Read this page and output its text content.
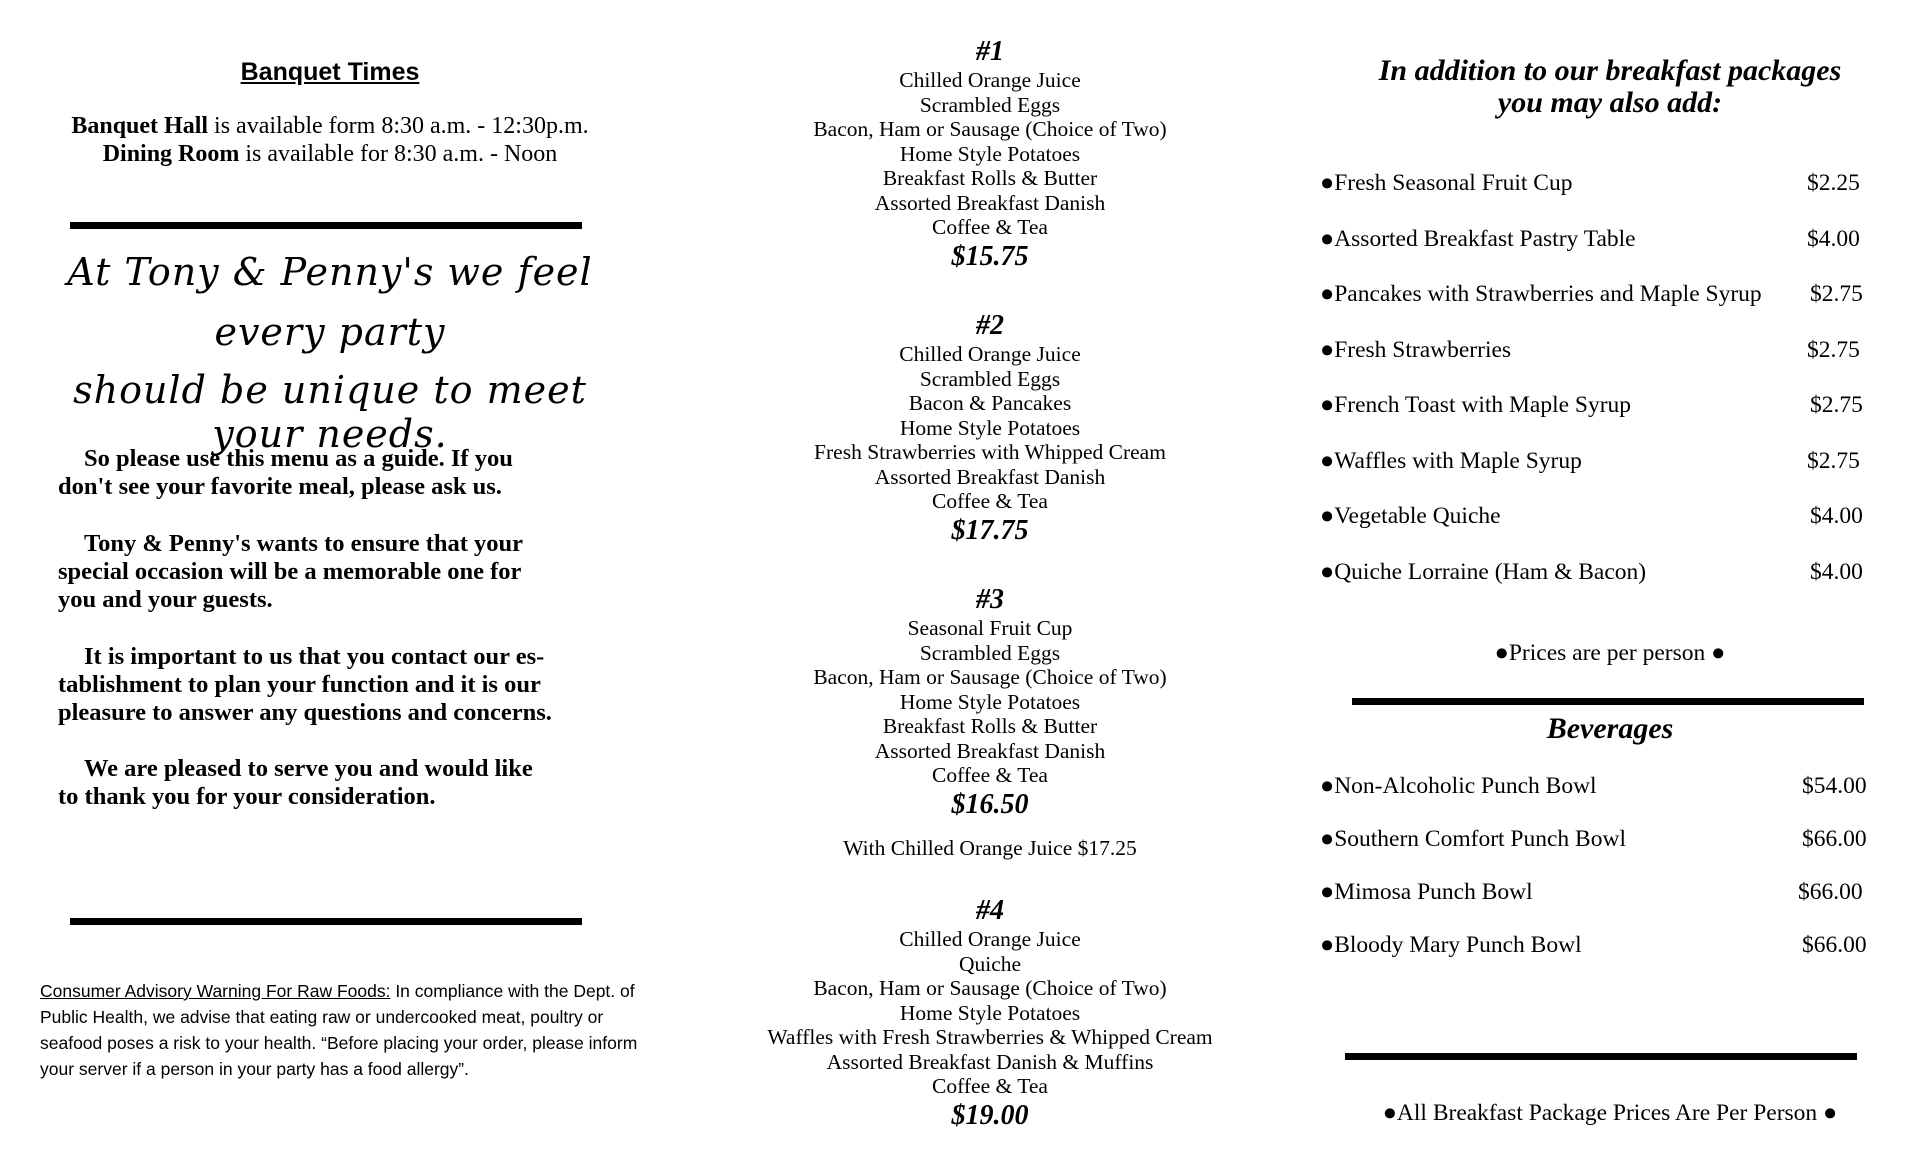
Banquet Times
Banquet Hall is available form 8:30 a.m. - 12:30p.m.
Dining Room is available for 8:30 a.m. - Noon
At Tony & Penny's we feel
every party
should be unique to meet your needs.
So please use this menu as a guide. If you
don't see your favorite meal, please ask us.
Tony & Penny's wants to ensure that your
special occasion will be a memorable one for
you and your guests.
It is important to us that you contact our es-
tablishment to plan your function and it is our
pleasure to answer any questions and concerns.
We are pleased to serve you and would like
to thank you for your consideration.
Consumer Advisory Warning For Raw Foods: In compliance with the Dept. of Public Health, we advise that eating raw or undercooked meat, poultry or seafood poses a risk to your health. “Before placing your order, please inform your server if a person in your party has a food allergy”.
#1
Chilled Orange Juice
Scrambled Eggs
Bacon, Ham or Sausage (Choice of Two)
Home Style Potatoes
Breakfast Rolls & Butter
Assorted Breakfast Danish
Coffee & Tea
$15.75
#2
Chilled Orange Juice
Scrambled Eggs
Bacon & Pancakes
Home Style Potatoes
Fresh Strawberries with Whipped Cream
Assorted Breakfast Danish
Coffee & Tea
$17.75
#3
Seasonal Fruit Cup
Scrambled Eggs
Bacon, Ham or Sausage (Choice of Two)
Home Style Potatoes
Breakfast Rolls & Butter
Assorted Breakfast Danish
Coffee & Tea
$16.50
With Chilled Orange Juice $17.25
#4
Chilled Orange Juice
Quiche
Bacon, Ham or Sausage (Choice of Two)
Home Style Potatoes
Waffles with Fresh Strawberries & Whipped Cream
Assorted Breakfast Danish & Muffins
Coffee & Tea
$19.00
In addition to our breakfast packages
you may also add:
●Fresh Seasonal Fruit Cup	$2.25
●Assorted Breakfast Pastry Table	$4.00
●Pancakes with Strawberries and Maple Syrup $2.75
●Fresh Strawberries	$2.75
●French Toast with Maple Syrup	$2.75
●Waffles with Maple Syrup	$2.75
●Vegetable Quiche	$4.00
●Quiche Lorraine (Ham & Bacon)	$4.00
●Prices are per person ●
Beverages
●Non-Alcoholic Punch Bowl	$54.00
●Southern Comfort Punch Bowl	$66.00
●Mimosa Punch Bowl	$66.00
●Bloody Mary Punch Bowl	$66.00
●All Breakfast Package Prices Are Per Person ●
